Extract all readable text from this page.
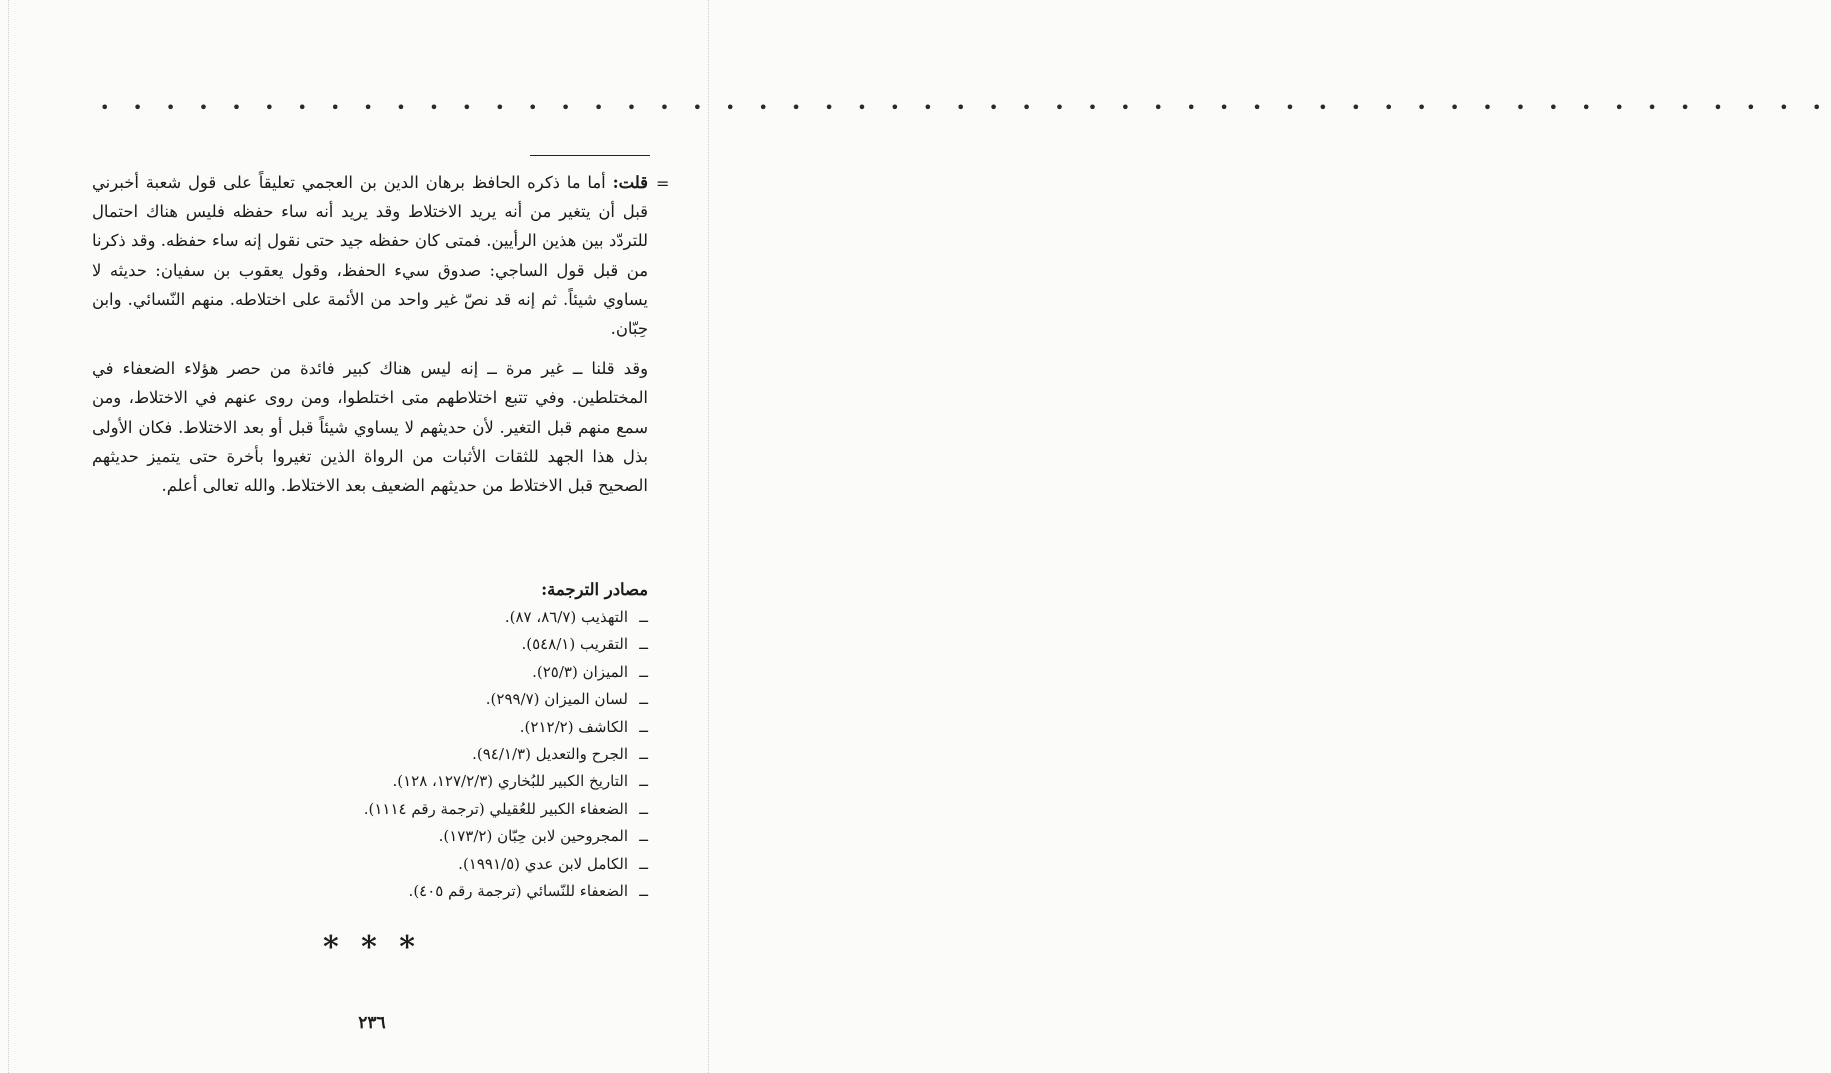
• • • • • • • • • • • • • • • • • • • • • • • • • • • • • • • • • • • • • • • • • • • • • • • • • • • • •
=

قلت: أما ما ذكره الحافظ برهان الدين بن العجمي تعليقاً على قول شعبة أخبرني قبل أن يتغير من أنه يريد الاختلاط وقد يريد أنه ساء حفظه فليس هناك احتمال للتردّد بين هذين الرأيين. فمتى كان حفظه جيد حتى نقول إنه ساء حفظه. وقد ذكرنا من قبل قول الساجي: صدوق سيء الحفظ، وقول يعقوب بن سفيان: حديثه لا يساوي شيئاً. ثم إنه قد نصّ غير واحد من الأئمة على اختلاطه. منهم النّسائي. وابن حِبّان.

وقد قلنا ــ غير مرة ــ إنه ليس هناك كبير فائدة من حصر هؤلاء الضعفاء في المختلطين. وفي تتبع اختلاطهم متى اختلطوا، ومن روى عنهم في الاختلاط، ومن سمع منهم قبل التغير. لأن حديثهم لا يساوي شيئاً قبل أو بعد الاختلاط. فكان الأولى بذل هذا الجهد للثقات الأثبات من الرواة الذين تغيروا بأخرة حتى يتميز حديثهم الصحيح قبل الاختلاط من حديثهم الضعيف بعد الاختلاط. والله تعالى أعلم.

مصادر الترجمة:

ــالتهذيب (٨٦/٧، ٨٧).
ــالتقريب (٥٤٨/١).
ــالميزان (٢٥/٣).
ــلسان الميزان (٢٩٩/٧).
ــالكاشف (٢١٢/٢).
ــالجرح والتعديل (٩٤/١/٣).
ــالتاريخ الكبير للبُخاري (١٢٧/٢/٣، ١٢٨).
ــالضعفاء الكبير للعُقيلي (ترجمة رقم ١١١٤).
ــالمجروحين لابن حِبّان (١٧٣/٢).
ــالكامل لابن عدي (١٩٩١/٥).
ــالضعفاء للنّسائي (ترجمة رقم ٤٠٥).
* * *
٢٣٦
